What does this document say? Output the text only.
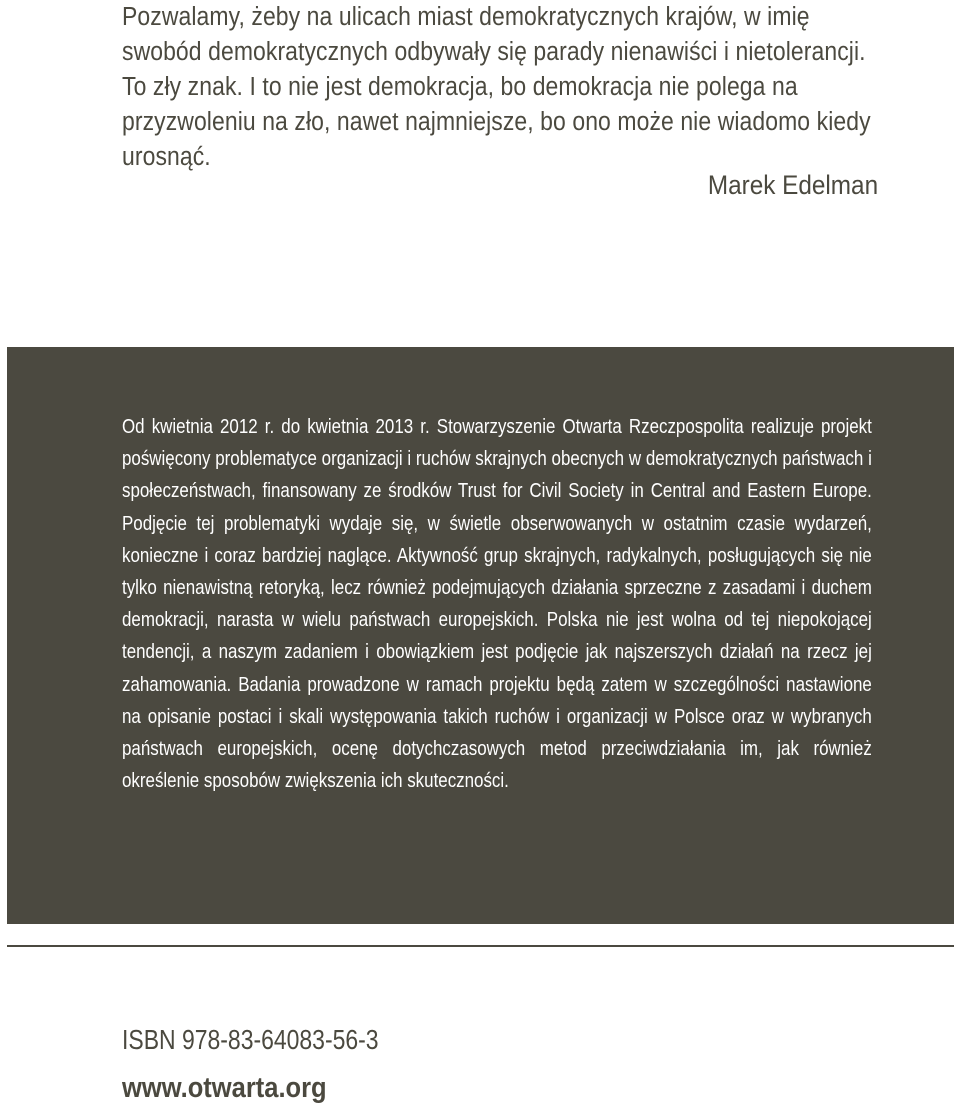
Pozwalamy, żeby na ulicach miast demokratycznych krajów, w imię swobód demokratycznych odbywały się parady nienawiści i nietolerancji. To zły znak. I to nie jest demokracja, bo demokracja nie polega na przyzwoleniu na zło, nawet najmniejsze, bo ono może nie wiadomo kiedy urosnąć.

Marek Edelman

Od kwietnia 2012 r. do kwietnia 2013 r. Stowarzyszenie Otwarta Rzeczpospolita realizuje projekt poświęcony problematyce organizacji i ruchów skrajnych obecnych w demokratycznych państwach i społeczeństwach, finansowany ze środków Trust for Civil Society in Central and Eastern Europe. Podjęcie tej problematyki wydaje się, w świetle obserwowanych w ostatnim czasie wydarzeń, konieczne i coraz bardziej naglące. Aktywność grup skrajnych, radykalnych, posługujących się nie tylko nienawistną retoryką, lecz również podejmujących działania sprzeczne z zasadami i duchem demokracji, narasta w wielu państwach europejskich. Polska nie jest wolna od tej niepokojącej tendencji, a naszym zadaniem i obowiązkiem jest podjęcie jak najszerszych działań na rzecz jej zahamowania. Badania prowadzone w ramach projektu będą zatem w szczególności nastawione na opisanie postaci i skali występowania takich ruchów i organizacji w Polsce oraz w wybranych państwach europejskich, ocenę dotychczasowych metod przeciwdziałania im, jak również określenie sposobów zwiększenia ich skuteczności.

ISBN 978-83-64083-56-3

www.otwarta.org
